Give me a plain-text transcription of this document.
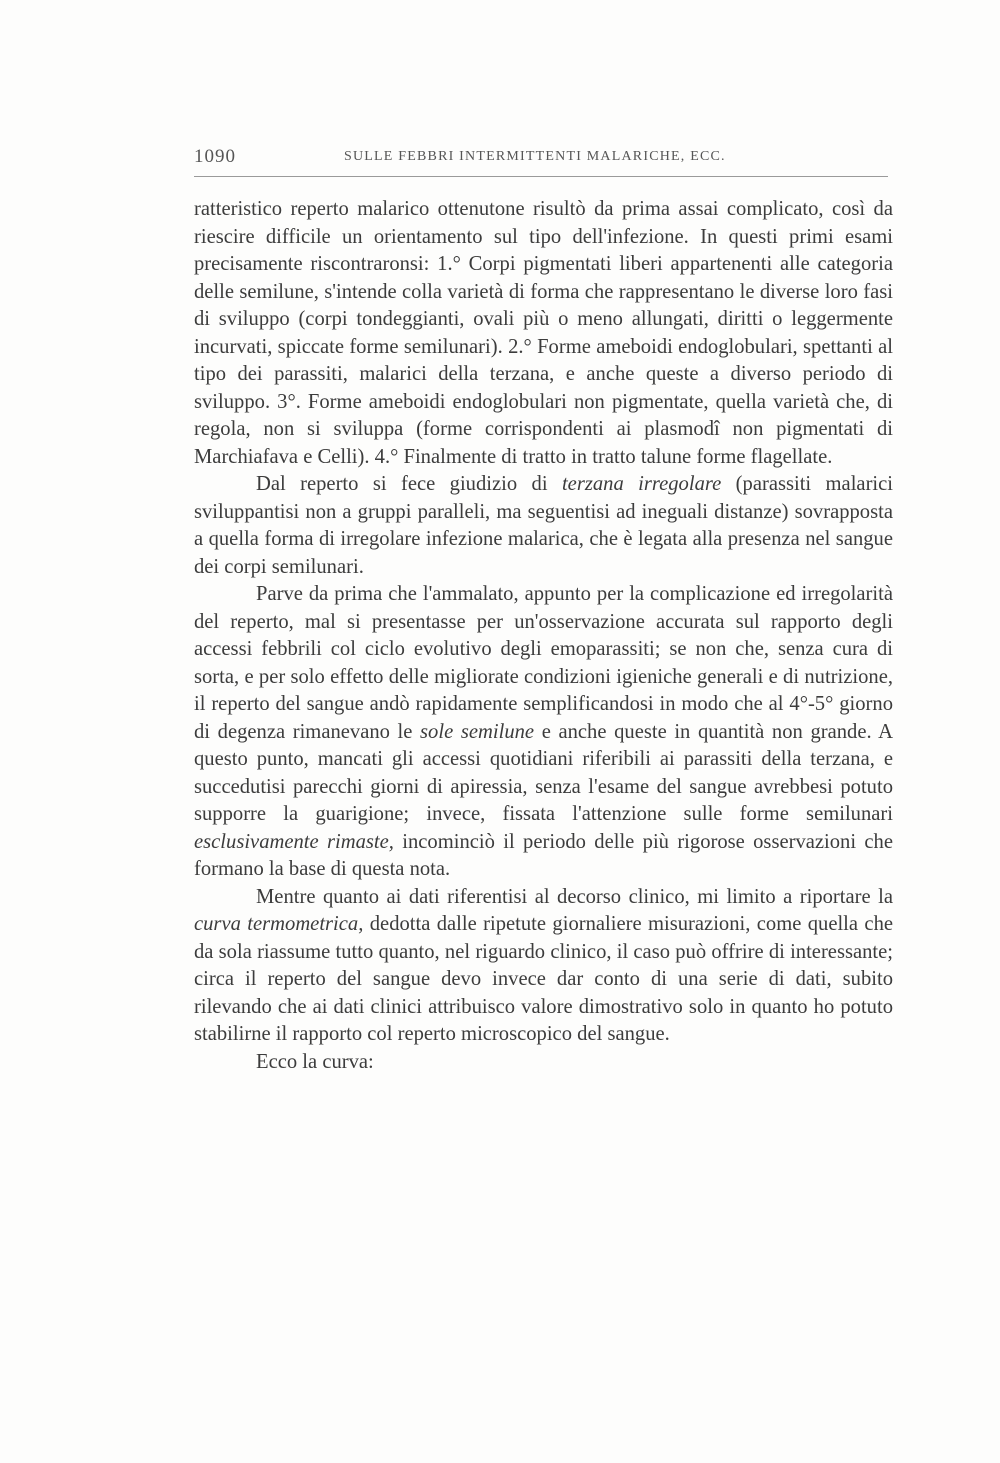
1090	SULLE FEBBRI INTERMITTENTI MALARICHE, ECC.

ratteristico reperto malarico ottenutone risultò da prima assai complicato, così da riescire difficile un orientamento sul tipo dell'infezione. In questi primi esami precisamente riscontraronsi: 1.° Corpi pigmentati liberi appartenenti alle categoria delle semilune, s'intende colla varietà di forma che rappresentano le diverse loro fasi di sviluppo (corpi tondeggianti, ovali più o meno allungati, diritti o leggermente incurvati, spiccate forme semilunari). 2.° Forme ameboidi endoglobulari, spettanti al tipo dei parassiti, malarici della terzana, e anche queste a diverso periodo di sviluppo. 3°. Forme ameboidi endoglobulari non pigmentate, quella varietà che, di regola, non si sviluppa (forme corrispondenti ai plasmodî non pigmentati di Marchiafava e Celli). 4.° Finalmente di tratto in tratto talune forme flagellate.

Dal reperto si fece giudizio di terzana irregolare (parassiti malarici sviluppantisi non a gruppi paralleli, ma seguentisi ad ineguali distanze) sovrapposta a quella forma di irregolare infezione malarica, che è legata alla presenza nel sangue dei corpi semilunari.

Parve da prima che l'ammalato, appunto per la complicazione ed irregolarità del reperto, mal si presentasse per un'osservazione accurata sul rapporto degli accessi febbrili col ciclo evolutivo degli emoparassiti; se non che, senza cura di sorta, e per solo effetto delle migliorate condizioni igieniche generali e di nutrizione, il reperto del sangue andò rapidamente semplificandosi in modo che al 4°-5° giorno di degenza rimanevano le sole semilune e anche queste in quantità non grande. A questo punto, mancati gli accessi quotidiani riferibili ai parassiti della terzana, e succedutisi parecchi giorni di apiressia, senza l'esame del sangue avrebbesi potuto supporre la guarigione; invece, fissata l'attenzione sulle forme semilunari esclusivamente rimaste, incominciò il periodo delle più rigorose osservazioni che formano la base di questa nota.

Mentre quanto ai dati riferentisi al decorso clinico, mi limito a riportare la curva termometrica, dedotta dalle ripetute giornaliere misurazioni, come quella che da sola riassume tutto quanto, nel riguardo clinico, il caso può offrire di interessante; circa il reperto del sangue devo invece dar conto di una serie di dati, subito rilevando che ai dati clinici attribuisco valore dimostrativo solo in quanto ho potuto stabilirne il rapporto col reperto microscopico del sangue.

Ecco la curva:
